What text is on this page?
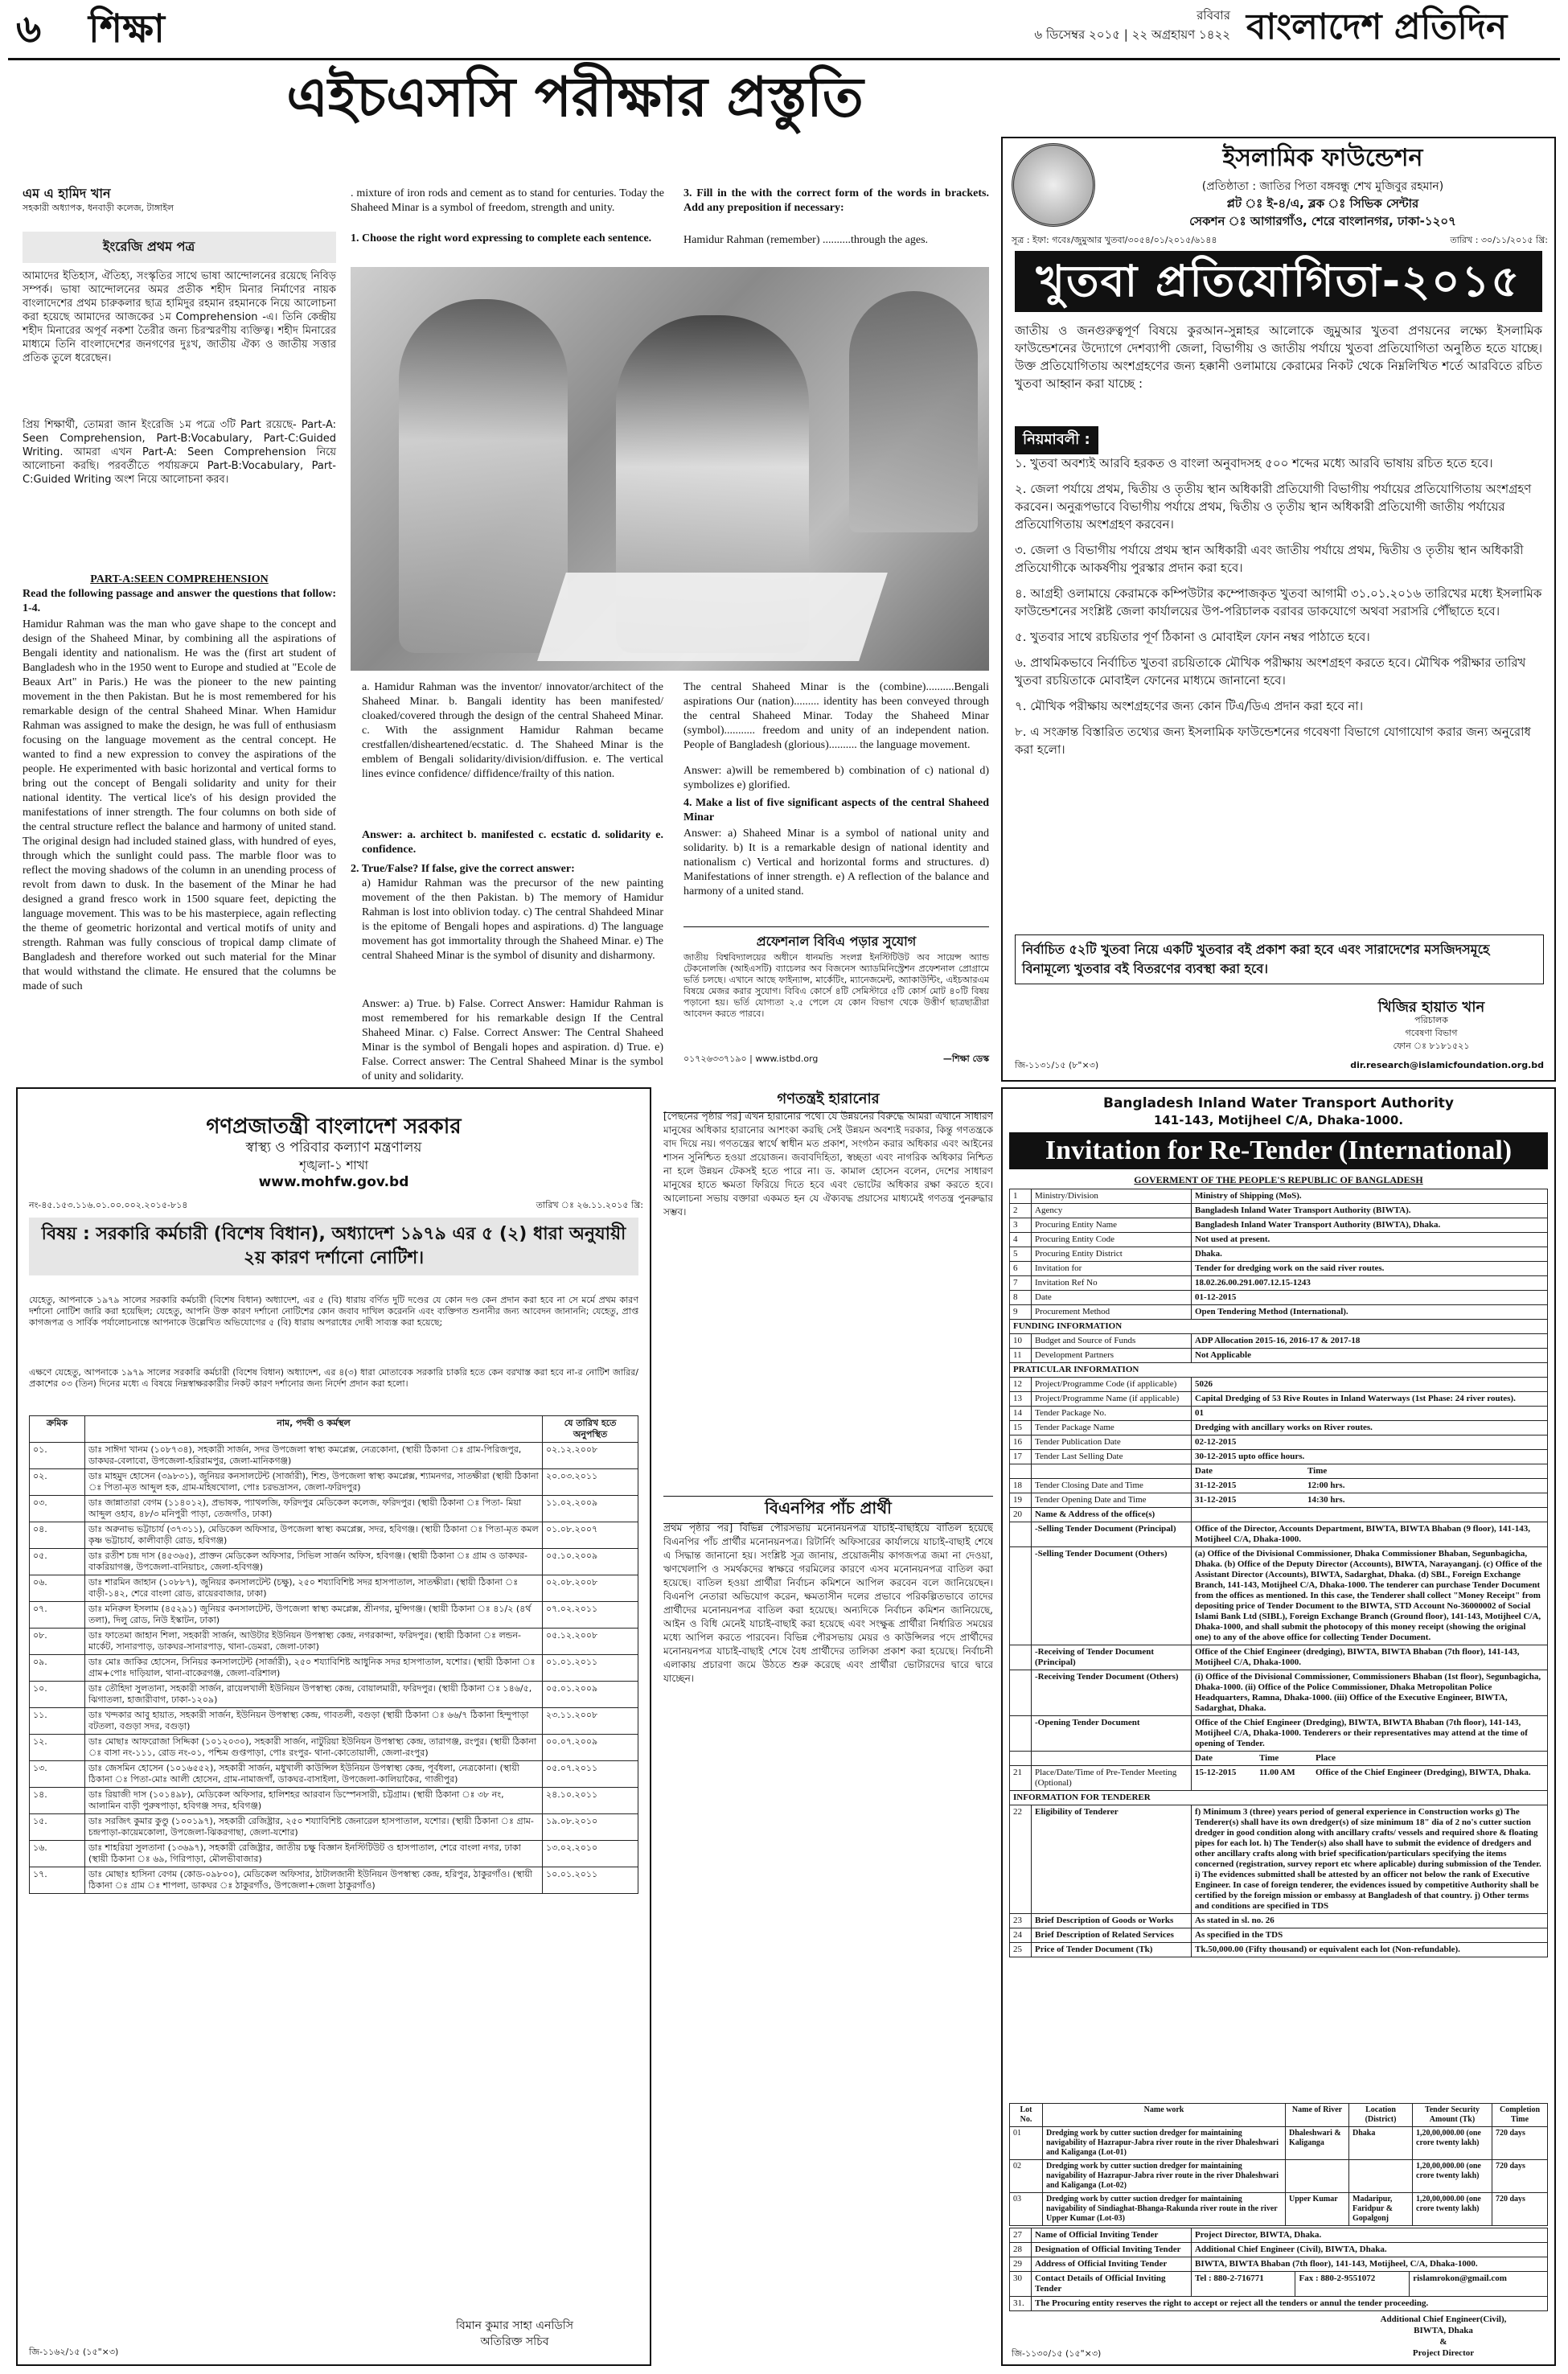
৬ শিক্ষা	রবিবার
৬ ডিসেম্বর ২০১৫ | ২২ অগ্রহায়ণ ১৪২২ বাংলাদেশ প্রতিদিন
এইচএসসি পরীক্ষার প্রস্তুতি
এম এ হামিদ খান
সহকারী অধ্যাপক, ধনবাড়ী কলেজ, টাঙ্গাইল
ইংরেজি প্রথম পত্র
আমাদের ইতিহাস, ঐতিহ্য, সংস্কৃতির সাথে ভাষা আন্দোলনের রয়েছে নিবিড় সম্পর্ক। ভাষা আন্দোলনের অমর প্রতীক শহীদ মিনার নির্মাণের নায়ক বাংলাদেশের প্রথম চারুকলার ছাত্র হামিদুর রহমান রহমানকে নিয়ে আলোচনা করা হয়েছে আমাদের আজকের ১ম Comprehension -এ। তিনি কেন্দ্রীয় শহীদ মিনারের অপূর্ব নকশা তৈরীর জন্য চিরস্মরণীয় ব্যক্তিত্ব। শহীদ মিনারের মাধ্যমে তিনি বাংলাদেশের জনগণের দুঃখ, জাতীয় ঐক্য ও জাতীয় সত্তার প্রতিক তুলে ধরেছেন।
প্রিয় শিক্ষার্থী, তোমরা জান ইংরেজি ১ম পত্রে ৩টি Part রয়েছে- Part-A: Seen Comprehension, Part-B:Vocabulary, Part-C:Guided Writing. আমরা এখন Part-A: Seen Comprehension নিয়ে আলোচনা করছি। পরবর্তীতে পর্যায়ক্রমে Part-B:Vocabulary, Part-C:Guided Writing অংশ নিয়ে আলোচনা করব।
PART-A:SEEN COMPREHENSION
Read the following passage and answer the questions that follow: 1-4.
Hamidur Rahman was the man who gave shape to the concept and design of the Shaheed Minar, by combining all the aspirations of Bengali identity and nationalism. He was the (first art student of Bangladesh who in the 1950 went to Europe and studied at "Ecole de Beaux Art" in Paris.) He was the pioneer to the new painting movement in the then Pakistan. But he is most remembered for his remarkable design of the central Shaheed Minar. When Hamidur Rahman was assigned to make the design, he was full of enthusiasm focusing on the language movement as the central concept. He wanted to find a new expression to convey the aspirations of the people. He experimented with basic horizontal and vertical forms to bring out the concept of Bengali solidarity and unity for their national identity. The vertical lice's of his design provided the manifestations of inner strength. The four columns on both side of the central structure reflect the balance and harmony of united stand. The original design had included stained glass, with hundred of eyes, through which the sunlight could pass. The marble floor was to reflect the moving shadows of the column in an unending process of revolt from dawn to dusk. In the basement of the Minar he had designed a grand fresco work in 1500 square feet, depicting the language movement. This was to be his masterpiece, again reflecting the theme of geometric horizontal and vertical motifs of unity and strength. Rahman was fully conscious of tropical damp climate of Bangladesh and therefore worked out such material for the Minar that would withstand the climate. He ensured that the columns be made of such
. mixture of iron rods and cement as to stand for centuries. Today the Shaheed Minar is a symbol of freedom, strength and unity.
1. Choose the right word expressing to complete each sentence.
3. Fill in the with the correct form of the words in brackets. Add any preposition if necessary:
Hamidur Rahman (remember) ..........through the ages.
a. Hamidur Rahman was the inventor/ innovator/architect of the Shaheed Minar. b. Bangali identity has been manifested/ cloaked/covered through the design of the central Shaheed Minar. c. With the assignment Hamidur Rahman became crestfallen/disheartened/ecstatic. d. The Shaheed Minar is the emblem of Bengali solidarity/division/diffusion. e. The vertical lines evince confidence/ diffidence/frailty of this nation.
Answer: a. architect b. manifested c. ecstatic d. solidarity e. confidence.
2. True/False? If false, give the correct answer:
a) Hamidur Rahman was the precursor of the new painting movement of the then Pakistan. b) The memory of Hamidur Rahman is lost into oblivion today. c) The central Shahdeed Minar is the epitome of Bengali hopes and aspirations. d) The language movement has got immortality through the Shaheed Minar. e) The central Shaheed Minar is the symbol of disunity and disharmony.
Answer: a) True. b) False. Correct Answer: Hamidur Rahman is most remembered for his remarkable design If the Central Shaheed Minar. c) False. Correct Answer: The Central Shaheed Minar is the symbol of Bengali hopes and aspiration. d) True. e) False. Correct answer: The Central Shaheed Minar is the symbol of unity and solidarity.
The central Shaheed Minar is the (combine)..........Bengali aspirations Our (nation)......... identity has been conveyed through the central Shaheed Minar. Today the Shaheed Minar (symbol)........... freedom and unity of an independent nation. People of Bangladesh (glorious).......... the language movement.
Answer: a)will be remembered b) combination of c) national d) symbolizes e) glorified.
4. Make a list of five significant aspects of the central Shaheed Minar
Answer: a) Shaheed Minar is a symbol of national unity and solidarity. b) It is a remarkable design of national identity and nationalism c) Vertical and horizontal forms and structures. d) Manifestations of inner strength. e) A reflection of the balance and harmony of a united stand.
প্রফেশনাল বিবিএ পড়ার সুযোগ
জাতীয় বিশ্ববিদ্যালয়ের অধীনে ধানমন্ডি সংলগ্ন ইনস্টিটিউট অব সায়েন্স অ্যান্ড টেকনোলজি (আইএসটি) ব্যাচেলর অব বিজনেস অ্যাডমিনিস্ট্রেশন প্রফেশনাল প্রোগ্রামে ভর্তি চলছে। এখানে আছে ফাইন্যান্স, মার্কেটিং, ম্যানেজমেন্ট, অ্যাকাউন্টিং, এইচআরএম বিষয়ে মেজর করার সুযোগ। বিবিএ কোর্সে ৪টি সেমিস্টারে ৫টি কোর্স মোট ৪০টি বিষয় পড়ানো হয়। ভর্তি যোগ্যতা ২.৫ পেলে যে কোন বিভাগ থেকে উত্তীর্ণ ছাত্রছাত্রীরা আবেদন করতে পারবে।
০১৭২৬৩৩৭১৯০ | www.istbd.org	—শিক্ষা ডেস্ক
ইসলামিক ফাউন্ডেশন
(প্রতিষ্ঠাতা : জাতির পিতা বঙ্গবন্ধু শেখ মুজিবুর রহমান)
প্লট ঃ ই-৪/এ, ব্লক ঃ সিভিক সেন্টার
সেকশন ঃ আগারগাঁও, শেরে বাংলানগর, ঢাকা-১২০৭
সূত্র : ইফা: গবেঃ/জুমুআর খুতবা/৩০৫৪/০১/২০১৫/৬১৪৪	তারিখ : ৩০/১১/২০১৫ খ্রি:
খুতবা প্রতিযোগিতা-২০১৫
জাতীয় ও জনগুরুত্বপূর্ণ বিষয়ে কুরআন-সুন্নাহর আলোকে জুমুআর খুতবা প্রণয়নের লক্ষ্যে ইসলামিক ফাউন্ডেশনের উদ্যোগে দেশব্যাপী জেলা, বিভাগীয় ও জাতীয় পর্যায়ে খুতবা প্রতিযোগিতা অনুষ্ঠিত হতে যাচ্ছে। উক্ত প্রতিযোগিতায় অংশগ্রহণের জন্য হক্কানী ওলামায়ে কেরামের নিকট থেকে নিম্নলিখিত শর্তে আরবিতে রচিত খুতবা আহ্বান করা যাচ্ছে :
নিয়মাবলী :
১. খুতবা অবশ্যই আরবি হরকত ও বাংলা অনুবাদসহ ৫০০ শব্দের মধ্যে আরবি ভাষায় রচিত হতে হবে।
২. জেলা পর্যায়ে প্রথম, দ্বিতীয় ও তৃতীয় স্থান অধিকারী প্রতিযোগী বিভাগীয় পর্যায়ের প্রতিযোগিতায় অংশগ্রহণ করবেন। অনুরূপভাবে বিভাগীয় পর্যায়ে প্রথম, দ্বিতীয় ও তৃতীয় স্থান অধিকারী প্রতিযোগী জাতীয় পর্যায়ের প্রতিযোগিতায় অংশগ্রহণ করবেন।
৩. জেলা ও বিভাগীয় পর্যায়ে প্রথম স্থান অধিকারী এবং জাতীয় পর্যায়ে প্রথম, দ্বিতীয় ও তৃতীয় স্থান অধিকারী প্রতিযোগীকে আকর্ষণীয় পুরস্কার প্রদান করা হবে।
৪. আগ্রহী ওলামায়ে কেরামকে কম্পিউটার কম্পোজকৃত খুতবা আগামী ৩১.০১.২০১৬ তারিখের মধ্যে ইসলামিক ফাউন্ডেশনের সংশ্লিষ্ট জেলা কার্যালয়ের উপ-পরিচালক বরাবর ডাকযোগে অথবা সরাসরি পৌঁছাতে হবে।
৫. খুতবার সাথে রচয়িতার পূর্ণ ঠিকানা ও মোবাইল ফোন নম্বর পাঠাতে হবে।
৬. প্রাথমিকভাবে নির্বাচিত খুতবা রচয়িতাকে মৌখিক পরীক্ষায় অংশগ্রহণ করতে হবে। মৌখিক পরীক্ষার তারিখ খুতবা রচয়িতাকে মোবাইল ফোনের মাধ্যমে জানানো হবে।
৭. মৌখিক পরীক্ষায় অংশগ্রহণের জন্য কোন টিএ/ডিএ প্রদান করা হবে না।
৮. এ সংক্রান্ত বিস্তারিত তথ্যের জন্য ইসলামিক ফাউন্ডেশনের গবেষণা বিভাগে যোগাযোগ করার জন্য অনুরোধ করা হলো।
নির্বাচিত ৫২টি খুতবা নিয়ে একটি খুতবার বই প্রকাশ করা হবে এবং সারাদেশের মসজিদসমূহে বিনামূল্যে খুতবার বই বিতরণের ব্যবস্থা করা হবে।
খিজির হায়াত খান
পরিচালক
গবেষণা বিভাগ
ফোন ঃ ৮১৮১৫২১
জি-১১৩১/১৫ (৮"×৩)	dir.research@islamicfoundation.org.bd
গণপ্রজাতন্ত্রী বাংলাদেশ সরকার
স্বাস্থ্য ও পরিবার কল্যাণ মন্ত্রণালয়
শৃঙ্খলা-১ শাখা
www.mohfw.gov.bd
নং-৪৫.১৫৩.১১৬.০১.০০.০০২.২০১৫-৮১৪	তারিখ ঃ ২৬.১১.২০১৫ খ্রি:
বিষয় : সরকারি কর্মচারী (বিশেষ বিধান), অধ্যাদেশ ১৯৭৯ এর ৫ (২) ধারা অনুযায়ী ২য় কারণ দর্শানো নোটিশ।
যেহেতু, আপনাকে ১৯৭৯ সালের সরকারি কর্মচারী (বিশেষ বিধান) অধ্যাদেশ, এর ৫ (বি) ধারায় বর্ণিত দুটি দণ্ডের যে কোন দণ্ড কেন প্রদান করা হবে না সে মর্মে প্রথম কারণ দর্শানো নোটিশ জারি করা হয়েছিল; যেহেতু, আপনি উক্ত কারণ দর্শানো নোটিশের কোন জবাব দাখিল করেননি এবং ব্যক্তিগত শুনানীর জন্য আবেদন জানাননি; যেহেতু, প্রাপ্ত কাগজপত্র ও সার্বিক পর্যালোচনান্তে আপনাকে উল্লেখিত অভিযোগের ৫ (বি) ধারায় অপরাধের দোষী সাব্যস্ত করা হয়েছে;
এক্ষণে যেহেতু, আপনাকে ১৯৭৯ সালের সরকারি কর্মচারী (বিশেষ বিধান) অধ্যাদেশ, এর ৪(৩) ধারা মোতাবেক সরকারি চাকরি হতে কেন বরখাস্ত করা হবে না-র নোটিশ জারির/প্রকাশের ০৩ (তিন) দিনের মধ্যে এ বিষয়ে নিম্নস্বাক্ষরকারীর নিকট কারণ দর্শানোর জন্য নির্দেশ প্রদান করা হলো।
ক্রমিক	নাম, পদবী ও কর্মস্থল	যে তারিখ হতে অনুপস্থিত
০১.	ডাঃ সাঈদা খানম (১০৮৭৩৪), সহকারী সার্জন, সদর উপজেলা স্বাস্থ্য কমপ্লেক্স, নেত্রকোনা, (স্থায়ী ঠিকানা ঃ গ্রাম-পিরিজপুর, ডাকঘর-বেলাবো, উপজেলা-হরিরামপুর, জেলা-মানিকগঞ্জ)	০২.১২.২০০৮
০২.	ডাঃ মাহমুদ হোসেন (৩৯৮৩১), জুনিয়র কনসালটেন্ট (সার্জারী), শিশু, উপজেলা স্বাস্থ্য কমপ্লেক্স, শ্যামনগর, সাতক্ষীরা (স্থায়ী ঠিকানা ঃ পিতা-মৃত আব্দুল হক, গ্রাম-মহিষখোলা, পোঃ চরভদ্রাসন, জেলা-ফরিদপুর)	২০.০৩.২০১১
০৩.	ডাঃ জান্নাতারা বেগম (১১৪০১২), প্রভাষক, প্যাথলজি, ফরিদপুর মেডিকেল কলেজ, ফরিদপুর। (স্থায়ী ঠিকানা ঃ পিতা- মিয়া আব্দুল ওহাব, ৪৮/৩ মনিপুরী পাড়া, তেজগাঁও, ঢাকা)	১১.০২.২০০৯
০৪.	ডাঃ অরুনাভ ভট্টাচার্য (৩৭৩১১), মেডিকেল অফিসার, উপজেলা স্বাস্থ্য কমপ্লেক্স, সদর, হবিগঞ্জ। (স্থায়ী ঠিকানা ঃ পিতা-মৃত কমল কৃষ্ণ ভট্টাচার্য, কালীবাড়ী রোড, হবিগঞ্জ)	০১.০৮.২০০৭
০৫.	ডাঃ রতীশ চন্দ্র দাস (৪৫৩৬৫), প্রাক্তন মেডিকেল অফিসার, সিভিল সার্জন অফিস, হবিগঞ্জ। (স্থায়ী ঠিকানা ঃ গ্রাম ও ডাকঘর-বাকরিয়াগঞ্জ, উপজেলা-বানিয়াচং, জেলা-হবিগঞ্জ)	০৫.১০.২০০৯
০৬.	ডাঃ শারমিন জাহান (১০৮৮৭), জুনিয়র কনসালটেন্ট (চক্ষু), ২৫০ শয্যাবিশিষ্ট সদর হাসপাতাল, সাতক্ষীরা। (স্থায়ী ঠিকানা ঃ বাড়ী-১৪২, শেরে বাংলা রোড, রায়েরবাজার, ঢাকা)	০২.০৮.২০০৮
০৭.	ডাঃ মনিরুল ইসলাম (৪৫২৯১) জুনিয়র কনসালটেন্ট, উপজেলা স্বাস্থ্য কমপ্লেক্স, শ্রীনগর, মুন্সিগঞ্জ। (স্থায়ী ঠিকানা ঃ ৪১/২ (৪র্থ তলা), দিলু রোড, নিউ ইস্কাটন, ঢাকা)	০৭.০২.২০১১
০৮.	ডাঃ ফাতেমা জাহান শিলা, সহকারী সার্জন, আউটার ইউনিয়ন উপস্বাস্থ্য কেন্দ্র, নগরকান্দা, ফরিদপুর। (স্থায়ী ঠিকানা ঃ লন্ডন-মার্কেট, সানারপাড়, ডাকঘর-সানারপাড়, থানা-ডেমরা, জেলা-ঢাকা)	০৫.১২.২০০৮
০৯.	ডাঃ মোঃ জাকির হোসেন, সিনিয়র কনসালটেন্ট (সার্জারী), ২৫০ শয্যাবিশিষ্ট আধুনিক সদর হাসপাতাল, যশোর। (স্থায়ী ঠিকানা ঃ গ্রাম+পোঃ দাড়িয়াল, থানা-বাকেরগঞ্জ, জেলা-বরিশাল)	০১.০১.২০১১
১০.	ডাঃ তৌহিদা সুলতানা, সহকারী সার্জন, রায়েলখালী ইউনিয়ন উপস্বাস্থ্য কেন্দ্র, বোয়ালমারী, ফরিদপুর। (স্থায়ী ঠিকানা ঃ ১৪৬/৫, ঝিগাতলা, হাজারীবাগ, ঢাকা-১২০৯)	০৫.০১.২০০৯
১১.	ডাঃ খন্দকার আবু হায়াত, সহকারী সার্জন, ইউনিয়ন উপস্বাস্থ্য কেন্দ্র, গাবতলী, বগুড়া (স্থায়ী ঠিকানা ঃ ৬৬/৭ ঠিকানা হিন্দুপাড়া বটতলা, বগুড়া সদর, বগুড়া)	২৩.১১.২০০৮
১২.	ডাঃ মোছাঃ আফরোজা সিদ্দিকা (১০১২০৩০), সহকারী সার্জন, নাটুরিয়া ইউনিয়ন উপস্বাস্থ্য কেন্দ্র, তারাগঞ্জ, রংপুর। (স্থায়ী ঠিকানা ঃ বাসা নং-১১১, রোড নং-০১, পশ্চিম গুপ্তপাড়া, পোঃ রংপুর- থানা-কোতোয়ালী, জেলা-রংপুর)	০০.০৭.২০০৯
১৩.	ডাঃ জেসমিন হোসেন (১০১৬৫৫২), সহকারী সার্জন, মধুখালী কাউন্সিল ইউনিয়ন উপস্বাস্থ্য কেন্দ্র, পূর্বধলা, নেত্রকোনা। (স্থায়ী ঠিকানা ঃ পিতা-মোঃ আলী হোসেন, গ্রাম-নামাজগাঁ, ডাকঘর-বাসাইলা, উপজেলা-কালিয়াকৈর, গাজীপুর)	০৫.০৭.২০১১
১৪.	ডাঃ রিয়াজী দাস (১০১৪৯৮), মেডিকেল অফিসার, হালিশহর আরবান ডিস্পেনসারী, চট্টগ্রাম। (স্থায়ী ঠিকানা ঃ ৩৮ নং, আলামিন বাড়ী পুরুষপাড়া, হবিগঞ্জ সদর, হবিগঞ্জ)	২৪.১০.২০১১
১৫.	ডাঃ সরজিৎ কুমার কুণ্ডু (১০০১৯৭), সহকারী রেজিষ্ট্রার, ২৫০ শয্যাবিশিষ্ট জেনারেল হাসপাতাল, যশোর। (স্থায়ী ঠিকানা ঃ গ্রাম-চন্দ্রপাড়া-কায়েমকোলা, উপজেলা-ঝিকরগাছা, জেলা-যশোর)	১৯.০৮.২০১০
১৬.	ডাঃ শাহরিয়া সুলতানা (১৩৬৯৭), সহকারী রেজিষ্ট্রার, জাতীয় চক্ষু বিজ্ঞান ইনস্টিটিউট ও হাসপাতাল, শেরে বাংলা নগর, ঢাকা (স্থায়ী ঠিকানা ঃ ৬৯, গিরিপাড়া, মৌলভীবাজার)	১৩.০২.২০১০
১৭.	ডাঃ মোছাঃ হাসিনা বেগম (কোড-০৯৮০০), মেডিকেল অফিসার, ঠাটালজানী ইউনিয়ন উপস্বাস্থ্য কেন্দ্র, হরিপুর, ঠাকুরগাঁও। (স্থায়ী ঠিকানা ঃ গ্রাম ঃ শাপলা, ডাকঘর ঃ ঠাকুরগাঁও, উপজেলা+জেলা ঠাকুরগাঁও)	১০.০১.২০১১
বিমান কুমার সাহা এনডিসি
অতিরিক্ত সচিব
জি-১১৬২/১৫ (১৫"×৩)
Bangladesh Inland Water Transport Authority
141-143, Motijheel C/A, Dhaka-1000.
Invitation for Re-Tender (International)
GOVERMENT OF THE PEOPLE'S REPUBLIC OF BANGLADESH
1	Ministry/Division	Ministry of Shipping (MoS).
2	Agency	Bangladesh Inland Water Transport Authority (BIWTA).
3	Procuring Entity Name	Bangladesh Inland Water Transport Authority (BIWTA), Dhaka.
4	Procuring Entity Code	Not used at present.
5	Procuring Entity District	Dhaka.
6	Invitation for	Tender for dredging work on the said river routes.
7	Invitation Ref No	18.02.26.00.291.007.12.15-1243
8	Date	01-12-2015
9	Procurement Method	Open Tendering Method (International).
FUNDING INFORMATION		
10	Budget and Source of Funds	ADP Allocation 2015-16, 2016-17 & 2017-18
11	Development Partners	Not Applicable
PRATICULAR INFORMATION		
12	Project/Programme Code (if applicable)	5026
13	Project/Programme Name (if applicable)	Capital Dredging of 53 Rive Routes in Inland Waterways (1st Phase: 24 river routes).
14	Tender Package No.	01
15	Tender Package Name	Dredging with ancillary works on River routes.
16	Tender Publication Date	02-12-2015
17	Tender Last Selling Date	30-12-2015 upto office hours.
		Date Time
18	Tender Closing Date and Time	31-12-2015 12:00 hrs.
19	Tender Opening Date and Time	31-12-2015 14:30 hrs.
20	Name & Address of the office(s)	
	-Selling Tender Document (Principal)	Office of the Director, Accounts Department, BIWTA, BIWTA Bhaban (9 floor), 141-143, Motijheel C/A, Dhaka-1000.
	-Selling Tender Document (Others)	(a) Office of the Divisional Commissioner, Dhaka Commissioner Bhaban, Segunbagicha, Dhaka. (b) Office of the Deputy Director (Accounts), BIWTA, Narayanganj. (c) Office of the Assistant Director (Accounts), BIWTA, Sadarghat, Dhaka. (d) SBL, Foreign Exchange Branch, 141-143, Motijheel C/A, Dhaka-1000. The tenderer can purchase Tender Document from the offices as mentioned. In this case, the Tenderer shall collect "Money Receipt" from depositing price of Tender Document to the BIWTA, STD Account No-36000002 of Social Islami Bank Ltd (SIBL), Foreign Exchange Branch (Ground floor), 141-143, Motijheel C/A, Dhaka-1000, and shall submit the photocopy of this money receipt (showing the original one) to any of the above office for collecting Tender Document.
	-Receiving of Tender Document (Principal)	Office of the Chief Engineer (dredging), BIWTA, BIWTA Bhaban (7th floor), 141-143, Motijheel C/A, Dhaka-1000.
	-Receiving Tender Document (Others)	(i) Office of the Divisional Commissioner, Commissioners Bhaban (1st floor), Segunbagicha, Dhaka-1000. (ii) Office of the Police Commissioner, Dhaka Metropolitan Police Headquarters, Ramna, Dhaka-1000. (iii) Office of the Executive Engineer, BIWTA, Sadarghat, Dhaka.
	-Opening Tender Document	Office of the Chief Engineer (Dredging), BIWTA, BIWTA Bhaban (7th floor), 141-143, Motijheel C/A, Dhaka-1000. Tenderers or their representatives may attend at the time of opening of Tender.
		Date Time Place
21	Place/Date/Time of Pre-Tender Meeting (Optional)	15-12-2015 11.00 AM Office of the Chief Engineer (Dredging), BIWTA, Dhaka.
INFORMATION FOR TENDERER		
22	Eligibility of Tenderer	f) Minimum 3 (three) years period of general experience in Construction works g) The Tenderer(s) shall have its own dredger(s) of size minimum 18" dia of 2 no's cutter suction dredger in good condition along with ancillary crafts/ vessels and required shore & floating pipes for each lot. h) The Tender(s) also shall have to submit the evidence of dredgers and other ancillary crafts along with brief specification/particulars specifying the items concerned (registration, survey report etc where aplicable) during submission of the Tender. i) The evidences submitted shall be attested by an officer not below the rank of Executive Engineer. In case of foreign tenderer, the evidences issued by competitive Authority shall be certified by the foreign mission or embassy at Bangladesh of that country. j) Other terms and conditions are specified in TDS
23	Brief Description of Goods or Works	As stated in sl. no. 26
24	Brief Description of Related Services	As specified in the TDS
25	Price of Tender Document (Tk)	Tk.50,000.00 (Fifty thousand) or equivalent each lot (Non-refundable).
Lot No.	Name work	Name of River	Location (District)	Tender Security Amount (Tk)	Completion Time
01	Dredging work by cutter suction dredger for maintaining navigability of Hazrapur-Jabra river route in the river Dhaleshwari and Kaliganga (Lot-01)	Dhaleshwari & Kaliganga	Dhaka	1,20,00,000.00 (one crore twenty lakh)	720 days
02	Dredging work by cutter suction dredger for maintaining navigability of Hazrapur-Jabra river route in the river Dhaleshwari and Kaliganga (Lot-02)			1,20,00,000.00 (one crore twenty lakh)	720 days
03	Dredging work by cutter suction dredger for maintaining navigability of Sindiaghat-Bhanga-Rakunda river route in the river Upper Kumar (Lot-03)	Upper Kumar	Madaripur, Faridpur & Gopalgonj	1,20,00,000.00 (one crore twenty lakh)	720 days
27	Name of Official Inviting Tender	Project Director, BIWTA, Dhaka.		
28	Designation of Official Inviting Tender	Additional Chief Engineer (Civil), BIWTA, Dhaka.		
29	Address of Official Inviting Tender	BIWTA, BIWTA Bhaban (7th floor), 141-143, Motijheel, C/A, Dhaka-1000.		
30	Contact Details of Official Inviting Tender	Tel : 880-2-716771	Fax : 880-2-9551072	rislamrokon@gmail.com
31.	The Procuring entity reserves the right to accept or reject all the tenders or annul the tender proceeding.			
Additional Chief Engineer(Civil),
BIWTA, Dhaka
&
Project Director
জি-১১৩০/১৫ (১৫"×৩)
গণতন্ত্রই হারানোর
[পেছনের পৃষ্ঠার পর] এখন হারানোর পথে। যে উন্নয়নের বিরুদ্ধে আমরা এখানে সাধারণ মানুষের অধিকার হারানোর আশংকা করছি সেই উন্নয়ন অবশ্যই দরকার, কিন্তু গণতন্ত্রকে বাদ দিয়ে নয়। গণতন্ত্রের স্বার্থে স্বাধীন মত প্রকাশ, সংগঠন করার অধিকার এবং আইনের শাসন সুনিশ্চিত হওয়া প্রয়োজন। জবাবদিহিতা, স্বচ্ছতা এবং নাগরিক অধিকার নিশ্চিত না হলে উন্নয়ন টেকসই হতে পারে না। ড. কামাল হোসেন বলেন, দেশের সাধারণ মানুষের হাতে ক্ষমতা ফিরিয়ে দিতে হবে এবং ভোটের অধিকার রক্ষা করতে হবে। আলোচনা সভায় বক্তারা একমত হন যে ঐক্যবদ্ধ প্রয়াসের মাধ্যমেই গণতন্ত্র পুনরুদ্ধার সম্ভব।
বিএনপির পাঁচ প্রার্থী
প্রথম পৃষ্ঠার পর] বিভিন্ন পৌরসভায় মনোনয়নপত্র যাচাই-বাছাইয়ে বাতিল হয়েছে বিএনপির পাঁচ প্রার্থীর মনোনয়নপত্র। রিটার্নিং অফিসারের কার্যালয়ে যাচাই-বাছাই শেষে এ সিদ্ধান্ত জানানো হয়। সংশ্লিষ্ট সূত্র জানায়, প্রয়োজনীয় কাগজপত্র জমা না দেওয়া, ঋণখেলাপি ও সমর্থকদের স্বাক্ষরে গরমিলের কারণে এসব মনোনয়নপত্র বাতিল করা হয়েছে। বাতিল হওয়া প্রার্থীরা নির্বাচন কমিশনে আপিল করবেন বলে জানিয়েছেন। বিএনপি নেতারা অভিযোগ করেন, ক্ষমতাসীন দলের প্রভাবে পরিকল্পিতভাবে তাদের প্রার্থীদের মনোনয়নপত্র বাতিল করা হয়েছে। অন্যদিকে নির্বাচন কমিশন জানিয়েছে, আইন ও বিধি মেনেই যাচাই-বাছাই করা হয়েছে এবং সংক্ষুব্ধ প্রার্থীরা নির্ধারিত সময়ের মধ্যে আপিল করতে পারবেন। বিভিন্ন পৌরসভায় মেয়র ও কাউন্সিলর পদে প্রার্থীদের মনোনয়নপত্র যাচাই-বাছাই শেষে বৈধ প্রার্থীদের তালিকা প্রকাশ করা হয়েছে। নির্বাচনী এলাকায় প্রচারণা জমে উঠতে শুরু করেছে এবং প্রার্থীরা ভোটারদের দ্বারে দ্বারে যাচ্ছেন।
